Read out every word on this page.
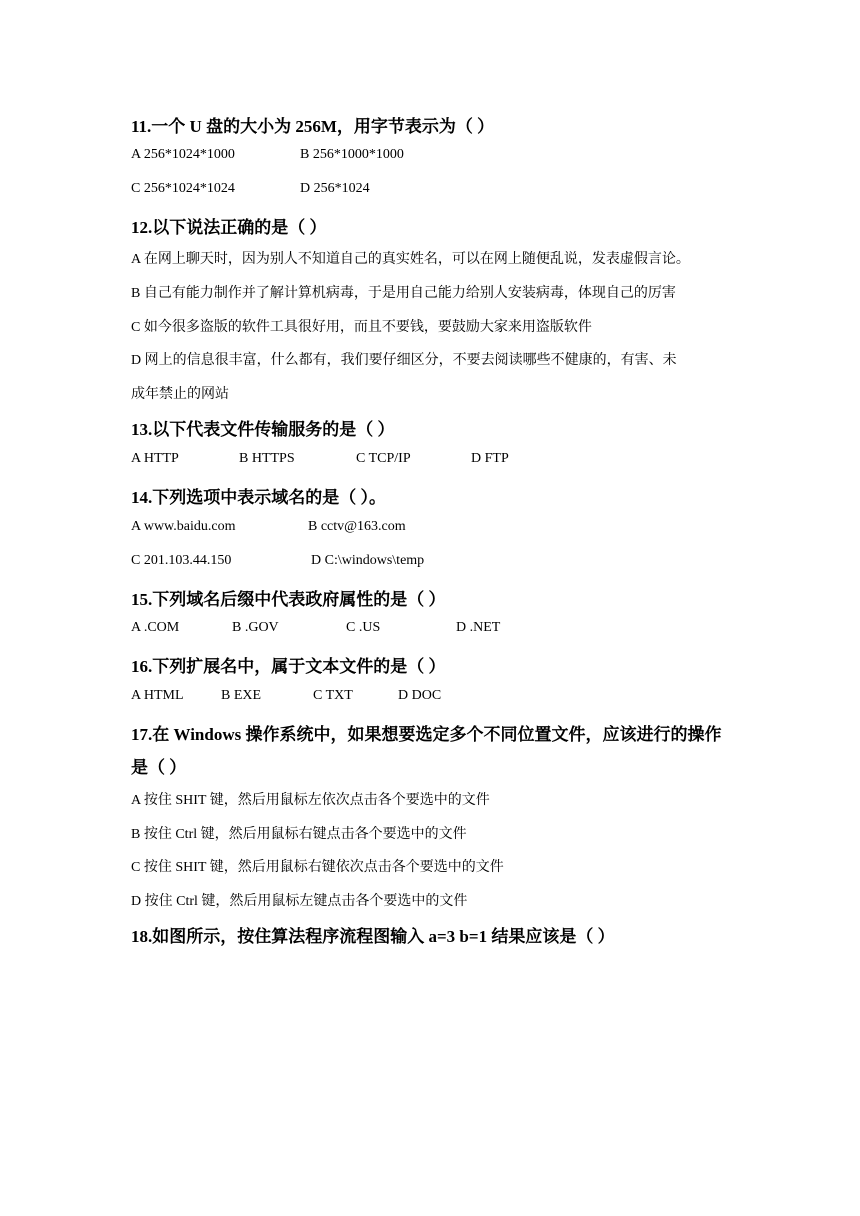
11.一个 U 盘的大小为 256M，用字节表示为（ ）
A 256*1024*1000	B 256*1000*1000
C 256*1024*1024	D 256*1024
12.以下说法正确的是（ ）
A 在网上聊天时，因为别人不知道自己的真实姓名，可以在网上随便乱说，发表虚假言论。
B 自己有能力制作并了解计算机病毒，于是用自己能力给别人安装病毒，体现自己的厉害
C 如今很多盗版的软件工具很好用，而且不要钱，要鼓励大家来用盗版软件
D 网上的信息很丰富，什么都有，我们要仔细区分，不要去阅读哪些不健康的，有害、未
成年禁止的网站
13.以下代表文件传输服务的是（ ）
A HTTP	B HTTPS	C TCP/IP	D FTP
14.下列选项中表示域名的是（ ）。
A www.baidu.com	B cctv@163.com
C 201.103.44.150	D C:\windows\temp
15.下列域名后缀中代表政府属性的是（ ）
A .COM	B .GOV	C .US	D .NET
16.下列扩展名中，属于文本文件的是（ ）
A HTML	B EXE	C TXT	D DOC
17.在 Windows 操作系统中，如果想要选定多个不同位置文件，应该进行的操作
是（ ）
A 按住 SHIT 键，然后用鼠标左依次点击各个要选中的文件
B 按住 Ctrl 键，然后用鼠标右键点击各个要选中的文件
C 按住 SHIT 键，然后用鼠标右键依次点击各个要选中的文件
D 按住 Ctrl 键，然后用鼠标左键点击各个要选中的文件
18.如图所示，按住算法程序流程图输入 a=3 b=1 结果应该是（ ）
